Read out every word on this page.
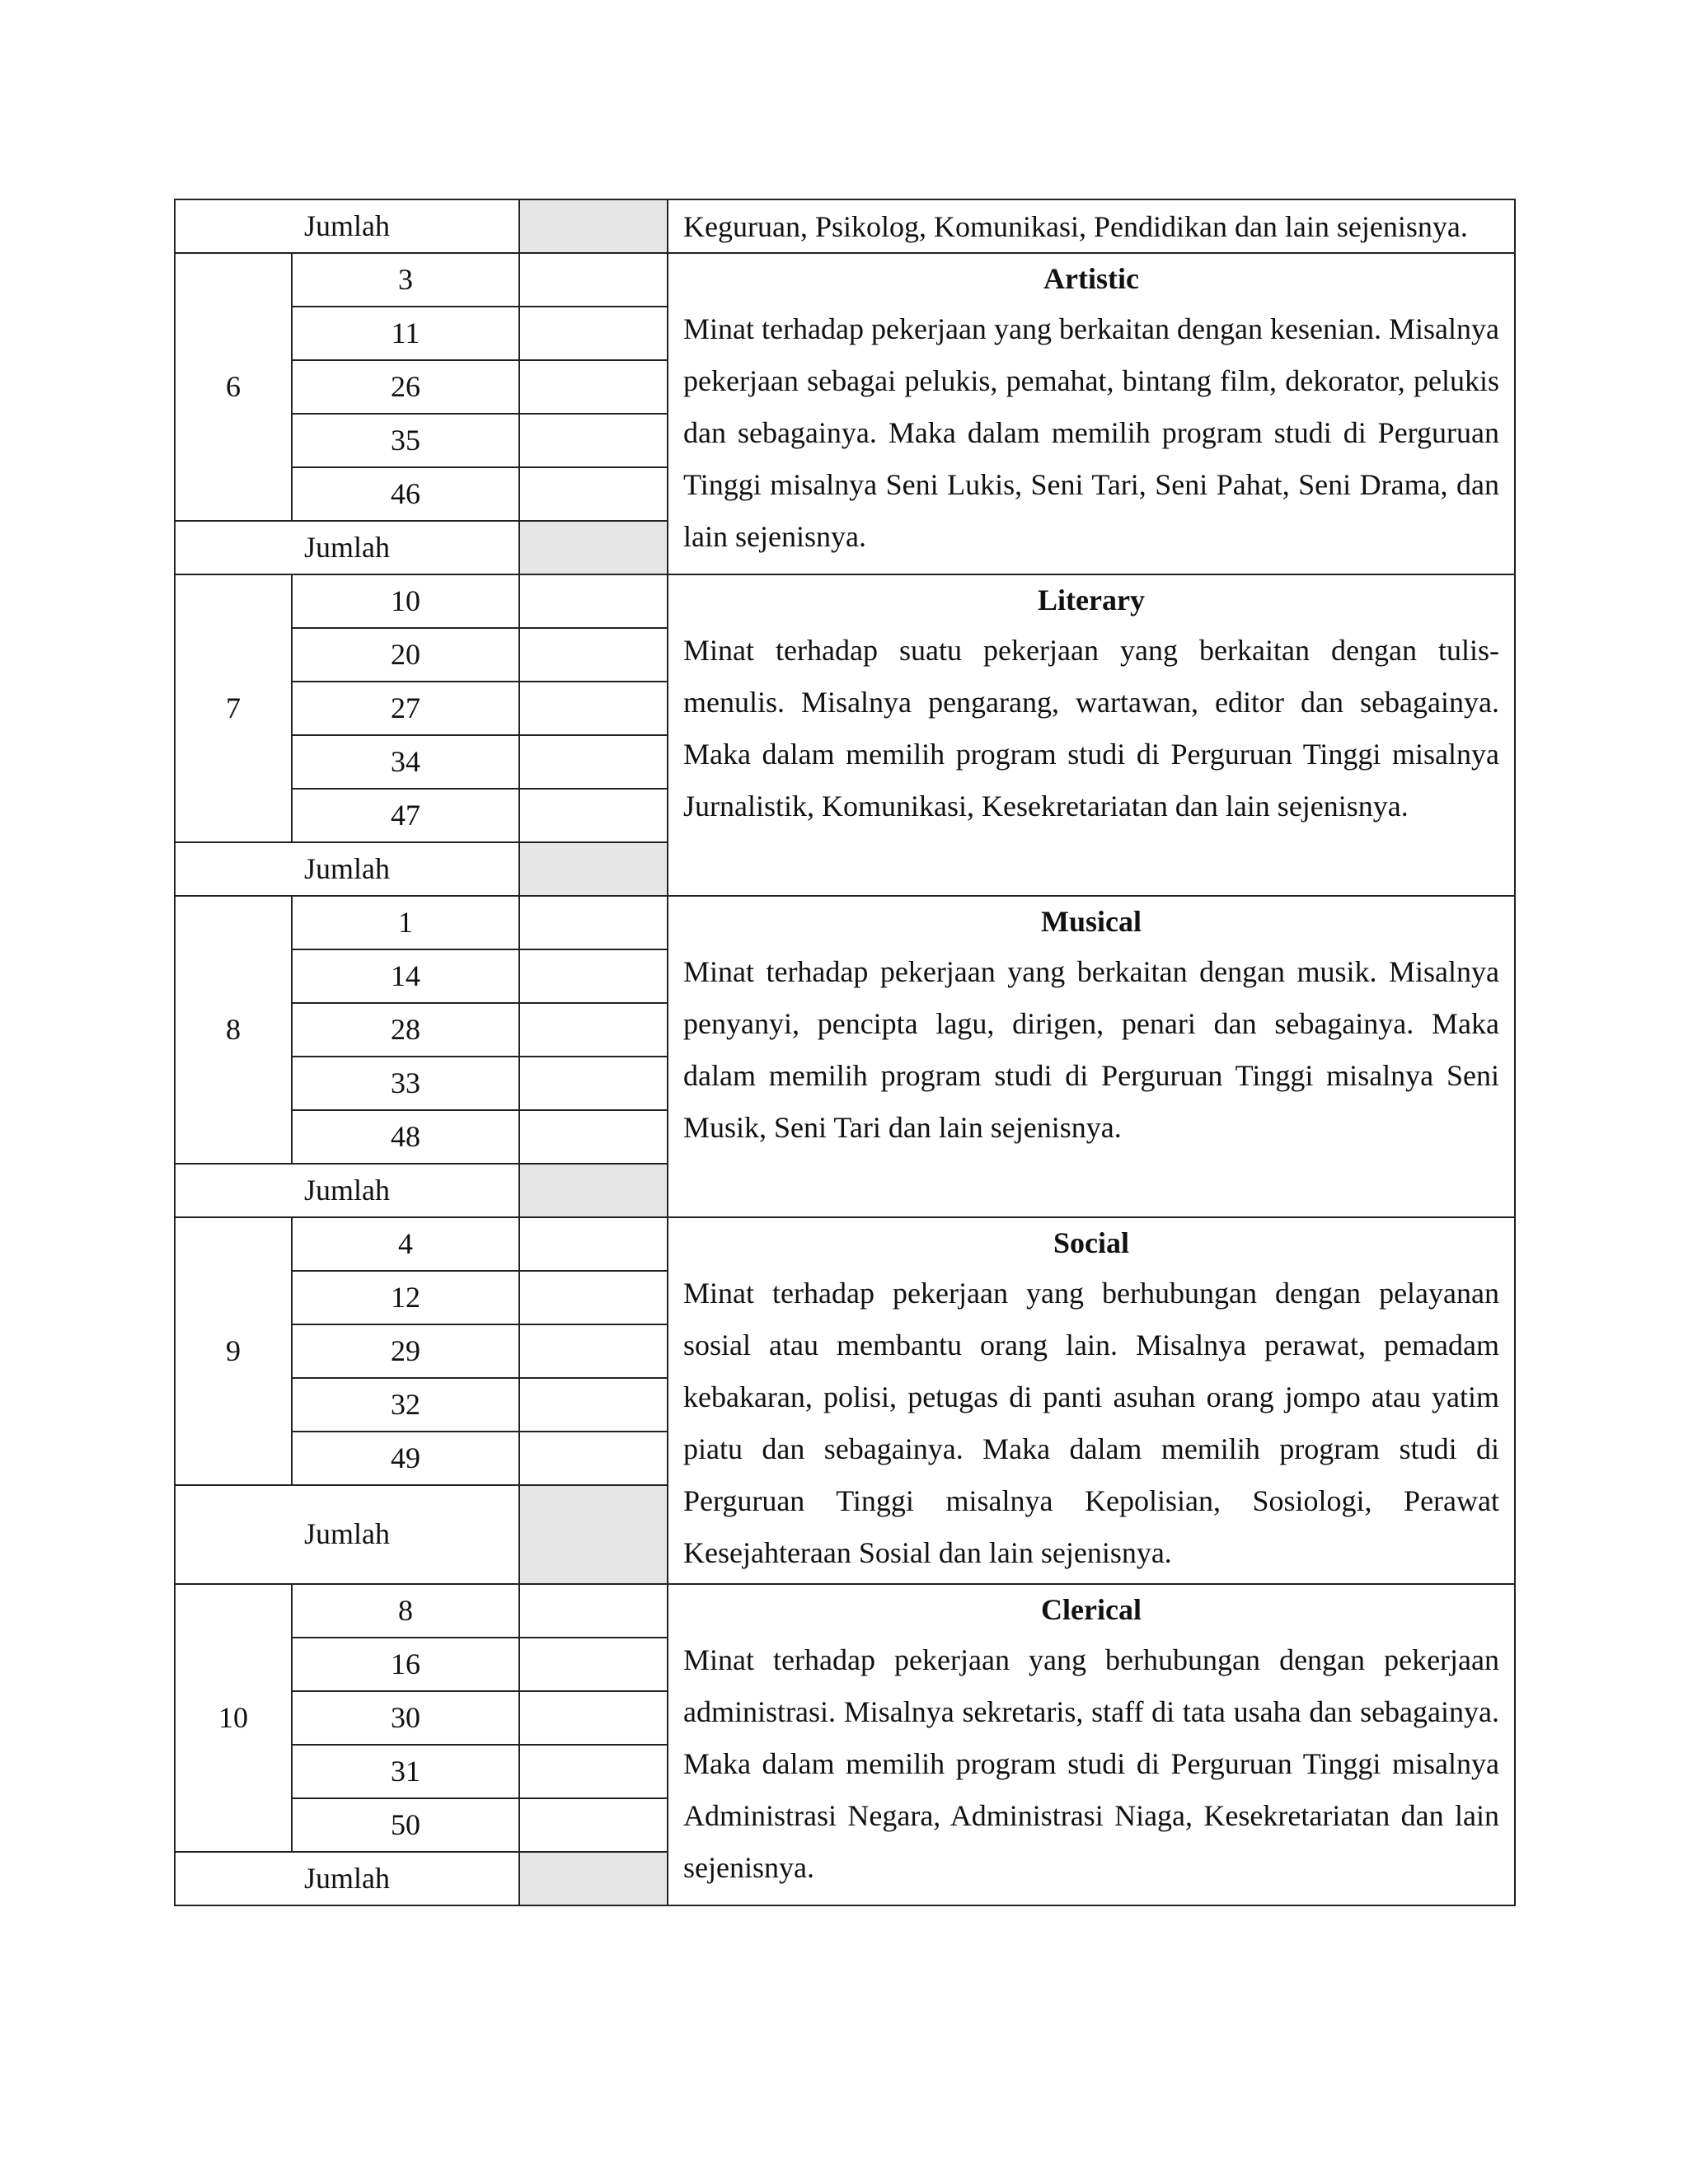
Jumlah			Keguruan, Psikolog, Komunikasi, Pendidikan dan lain sejenisnya.

6	3		Artistic
Minat terhadap pekerjaan yang berkaitan dengan kesenian. Misalnya pekerjaan sebagai pelukis, pemahat, bintang film, dekorator, pelukis dan sebagainya. Maka dalam memilih program studi di Perguruan Tinggi misalnya Seni Lukis, Seni Tari, Seni Pahat, Seni Drama, dan lain sejenisnya.

	11		
	26		
	35		
	46		
Jumlah			
7	10		Literary
Minat terhadap suatu pekerjaan yang berkaitan dengan tulis-menulis. Misalnya pengarang, wartawan, editor dan sebagainya. Maka dalam memilih program studi di Perguruan Tinggi misalnya Jurnalistik, Komunikasi, Kesekretariatan dan lain sejenisnya.

	20		
	27		
	34		
	47		
Jumlah			
8	1		Musical
Minat terhadap pekerjaan yang berkaitan dengan musik. Misalnya penyanyi, pencipta lagu, dirigen, penari dan sebagainya. Maka dalam memilih program studi di Perguruan Tinggi misalnya Seni Musik, Seni Tari dan lain sejenisnya.

	14		
	28		
	33		
	48		
Jumlah			
9	4		Social
Minat terhadap pekerjaan yang berhubungan dengan pelayanan sosial atau membantu orang lain. Misalnya perawat, pemadam kebakaran, polisi, petugas di panti asuhan orang jompo atau yatim piatu dan sebagainya. Maka dalam memilih program studi di Perguruan Tinggi misalnya Kepolisian, Sosiologi, Perawat Kesejahteraan Sosial dan lain sejenisnya.

	12		
	29		
	32		
	49		
Jumlah			
10	8		Clerical
Minat terhadap pekerjaan yang berhubungan dengan pekerjaan administrasi. Misalnya sekretaris, staff di tata usaha dan sebagainya. Maka dalam memilih program studi di Perguruan Tinggi misalnya Administrasi Negara, Administrasi Niaga, Kesekretariatan dan lain sejenisnya.

	16		
	30		
	31		
	50		
Jumlah			
